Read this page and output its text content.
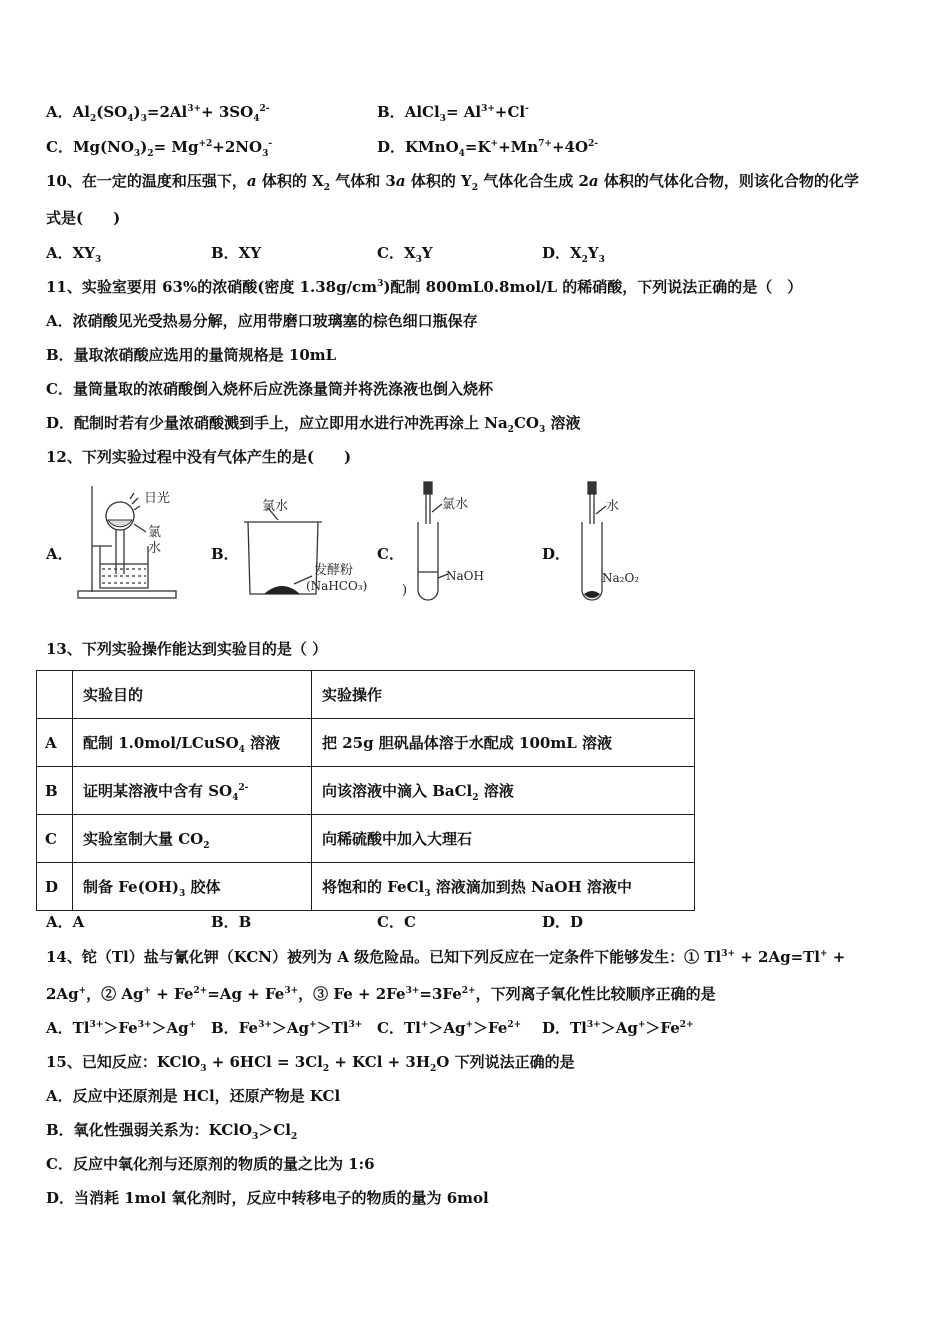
A．$Al_2(SO_4)_3=2Al^{3+}+ 3SO_4^{2-}$	B．AlCl$_3$= $Al^{3+}+Cl^-$
C．$Mg(NO_3)_2= Mg^{+2}+2NO_3^-$	D．$KMnO_4=K^++Mn^{7+}+4O^{2-}$
10、在一定的温度和压强下，a 体积的 $X_2$ 气体和 3a 体积的 $Y_2$ 气体化合生成 2a 体积的气体化合物，则该化合物的化学
式是(　　)
A．$XY_3$	B．XY	C．$X_3Y$	D．$X_2Y_3$
11、实验室要用 63%的浓硝酸(密度 $1.38g/cm^3$)配制 800mL0.8mol/L 的稀硝酸，下列说法正确的是（　）
A．浓硝酸见光受热易分解，应用带磨口玻璃塞的棕色细口瓶保存
B．量取浓硝酸应选用的量筒规格是 10mL
C．量筒量取的浓硝酸倒入烧杯后应洗涤量筒并将洗涤液也倒入烧杯
D．配制时若有少量浓硝酸溅到手上，应立即用水进行冲洗再涂上 $Na_2CO_3$ 溶液
12、下列实验过程中没有气体产生的是(　　)
A．	B．	C．	D．
日光
氯
水
氯水
发酵粉
(NaHCO₃)
氯水
NaOH
)
水
Na₂O₂
13、下列实验操作能达到实验目的是（ ）
	实验目的	实验操作
A	配制 1.0mol/LCuSO$_4$ 溶液	把 25g 胆矾晶体溶于水配成 100mL 溶液
B	证明某溶液中含有 $SO_4^{2-}$	向该溶液中滴入 BaCl$_2$ 溶液
C	实验室制大量 $CO_2$	向稀硫酸中加入大理石
D	制备 $Fe(OH)_3$ 胶体	将饱和的 FeCl$_3$ 溶液滴加到热 NaOH 溶液中
A．A	B．B	C．C	D．D
14、铊（Tl）盐与氰化钾（KCN）被列为 A 级危险品。已知下列反应在一定条件下能够发生：① $Tl^{3+} + 2Ag=Tl^+$ +
2Ag+，② $Ag^+ + Fe^{2+}=Ag + Fe^{3+}$，③ $Fe + 2Fe^{3+}=3Fe^{2+}$，下列离子氧化性比较顺序正确的是
A．$Tl^{3+}>Fe^{3+}>Ag^+$ B．$Fe^{3+}>Ag^+>Tl^{3+}$ C．$Tl^+>Ag^+>Fe^{2+}$ D．$Tl^{3+}>Ag^+>Fe^{2+}$
15、已知反应：KClO$_3$ + $6HCl = 3Cl_2$ + KCl + $3H_2O$ 下列说法正确的是
A．反应中还原剂是 HCl，还原产物是 KCl
B．氧化性强弱关系为：$KClO_3>Cl_2$
C．反应中氧化剂与还原剂的物质的量之比为 1:6
D．当消耗 1mol 氧化剂时，反应中转移电子的物质的量为 6mol
